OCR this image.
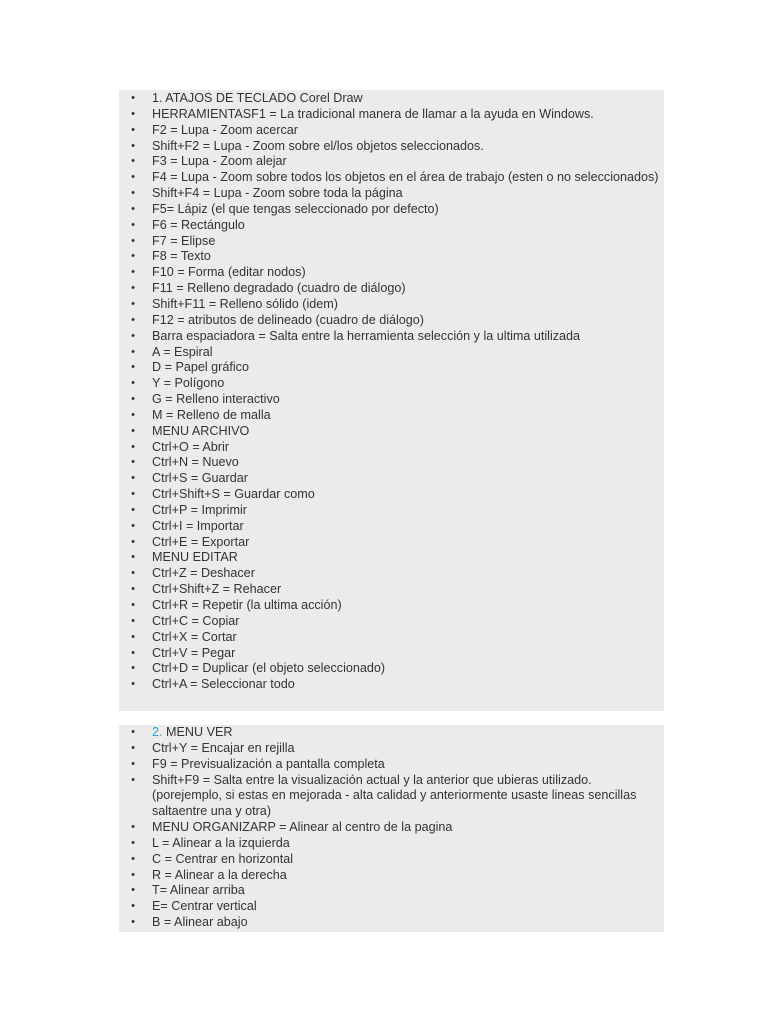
• 1. ATAJOS DE TECLADO Corel Draw
• HERRAMIENTASF1 = La tradicional manera de llamar a la ayuda en Windows.
• F2 = Lupa - Zoom acercar
• Shift+F2 = Lupa - Zoom sobre el/los objetos seleccionados.
• F3 = Lupa - Zoom alejar
• F4 = Lupa - Zoom sobre todos los objetos en el área de trabajo (esten o no seleccionados)
• Shift+F4 = Lupa - Zoom sobre toda la página
• F5= Lápiz (el que tengas seleccionado por defecto)
• F6 = Rectángulo
• F7 = Elipse
• F8 = Texto
• F10 = Forma (editar nodos)
• F11 = Relleno degradado (cuadro de diálogo)
• Shift+F11 = Relleno sólido (idem)
• F12 = atributos de delineado (cuadro de diálogo)
• Barra espaciadora = Salta entre la herramienta selección y la ultima utilizada
• A = Espiral
• D = Papel gráfico
• Y = Polígono
• G = Relleno interactivo
• M = Relleno de malla
• MENU ARCHIVO
• Ctrl+O = Abrir
• Ctrl+N = Nuevo
• Ctrl+S = Guardar
• Ctrl+Shift+S = Guardar como
• Ctrl+P = Imprimir
• Ctrl+I = Importar
• Ctrl+E = Exportar
• MENU EDITAR
• Ctrl+Z = Deshacer
• Ctrl+Shift+Z = Rehacer
• Ctrl+R = Repetir (la ultima acción)
• Ctrl+C = Copiar
• Ctrl+X = Cortar
• Ctrl+V = Pegar
• Ctrl+D = Duplicar (el objeto seleccionado)
• Ctrl+A = Seleccionar todo
• 2. MENU VER
• Ctrl+Y = Encajar en rejilla
• F9 = Previsualización a pantalla completa
• Shift+F9 = Salta entre la visualización actual y la anterior que ubieras utilizado. (porejemplo, si estas en mejorada - alta calidad y anteriormente usaste lineas sencillas saltaentre una y otra)
• MENU ORGANIZARP = Alinear al centro de la pagina
• L = Alinear a la izquierda
• C = Centrar en horizontal
• R = Alinear a la derecha
• T= Alinear arriba
• E= Centrar vertical
• B = Alinear abajo
